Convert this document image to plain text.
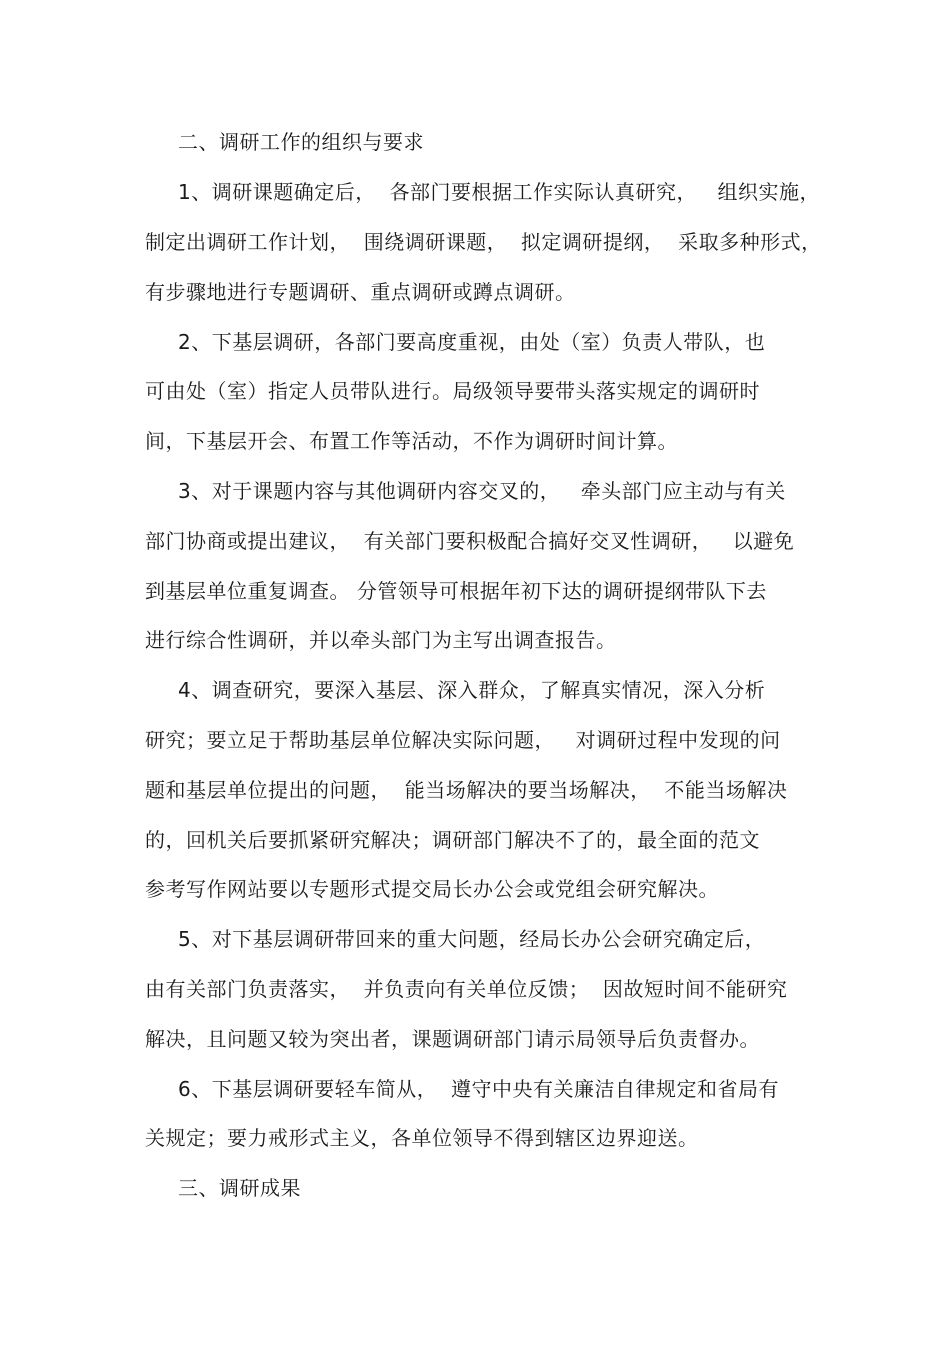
二、调研工作的组织与要求
1、调研课题确定后，  各部门要根据工作实际认真研究，   组织实施，
制定出调研工作计划，  围绕调研课题，  拟定调研提纲，  采取多种形式，
有步骤地进行专题调研、重点调研或蹲点调研。
2、下基层调研，各部门要高度重视，由处（室）负责人带队，也
可由处（室）指定人员带队进行。局级领导要带头落实规定的调研时
间，下基层开会、布置工作等活动，不作为调研时间计算。
3、对于课题内容与其他调研内容交叉的，   牵头部门应主动与有关
部门协商或提出建议，  有关部门要积极配合搞好交叉性调研，   以避免
到基层单位重复调查。 分管领导可根据年初下达的调研提纲带队下去
进行综合性调研，并以牵头部门为主写出调查报告。
4、调查研究，要深入基层、深入群众，了解真实情况，深入分析
研究；要立足于帮助基层单位解决实际问题，   对调研过程中发现的问
题和基层单位提出的问题，  能当场解决的要当场解决，  不能当场解决
的，回机关后要抓紧研究解决；调研部门解决不了的，最全面的范文
参考写作网站要以专题形式提交局长办公会或党组会研究解决。
5、对下基层调研带回来的重大问题，经局长办公会研究确定后，
由有关部门负责落实，  并负责向有关单位反馈；  因故短时间不能研究
解决，且问题又较为突出者，课题调研部门请示局领导后负责督办。
6、下基层调研要轻车简从，  遵守中央有关廉洁自律规定和省局有
关规定；要力戒形式主义，各单位领导不得到辖区边界迎送。
三、调研成果
